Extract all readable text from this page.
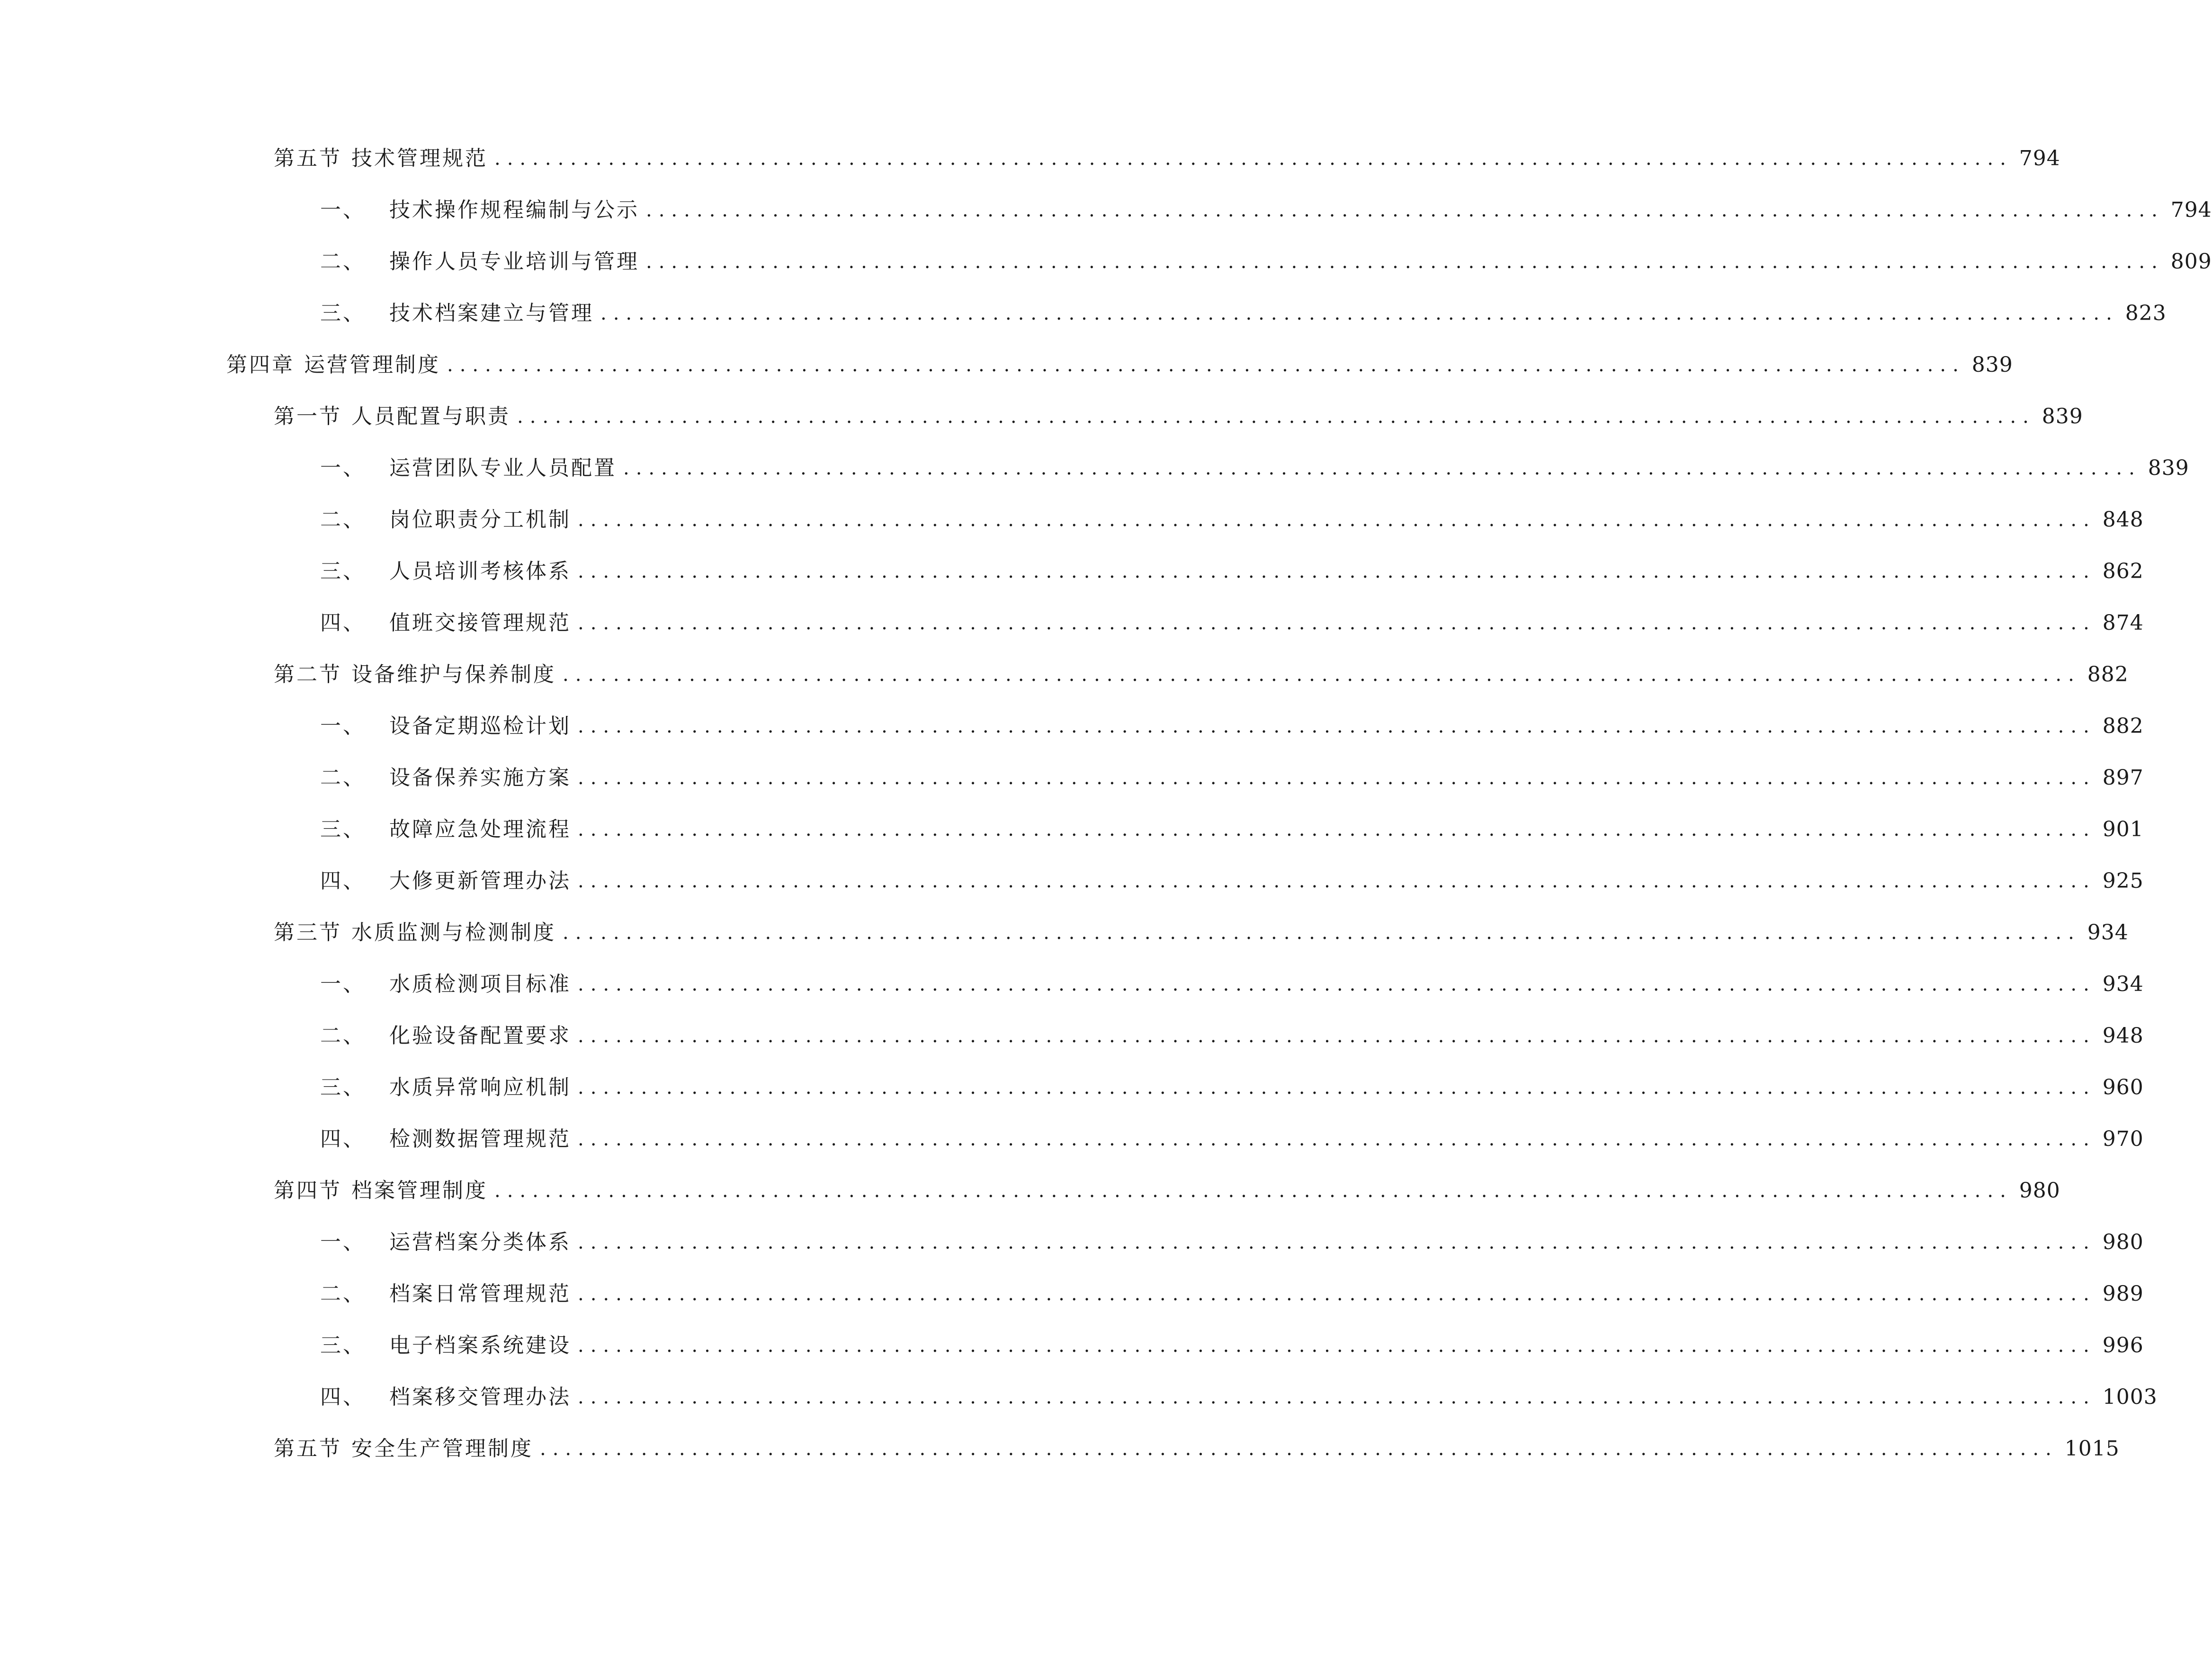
第五节 技术管理规范 ........................................................................................................................ 794
一、 技术操作规程编制与公示 ........................................................................................................................ 794
二、 操作人员专业培训与管理 ........................................................................................................................ 809
三、 技术档案建立与管理 ........................................................................................................................ 823
第四章 运营管理制度 ........................................................................................................................ 839
第一节 人员配置与职责 ........................................................................................................................ 839
一、 运营团队专业人员配置 ........................................................................................................................ 839
二、 岗位职责分工机制 ........................................................................................................................ 848
三、 人员培训考核体系 ........................................................................................................................ 862
四、 值班交接管理规范 ........................................................................................................................ 874
第二节 设备维护与保养制度 ........................................................................................................................ 882
一、 设备定期巡检计划 ........................................................................................................................ 882
二、 设备保养实施方案 ........................................................................................................................ 897
三、 故障应急处理流程 ........................................................................................................................ 901
四、 大修更新管理办法 ........................................................................................................................ 925
第三节 水质监测与检测制度 ........................................................................................................................ 934
一、 水质检测项目标准 ........................................................................................................................ 934
二、 化验设备配置要求 ........................................................................................................................ 948
三、 水质异常响应机制 ........................................................................................................................ 960
四、 检测数据管理规范 ........................................................................................................................ 970
第四节 档案管理制度 ........................................................................................................................ 980
一、 运营档案分类体系 ........................................................................................................................ 980
二、 档案日常管理规范 ........................................................................................................................ 989
三、 电子档案系统建设 ........................................................................................................................ 996
四、 档案移交管理办法 ........................................................................................................................ 1003
第五节 安全生产管理制度 ........................................................................................................................ 1015
